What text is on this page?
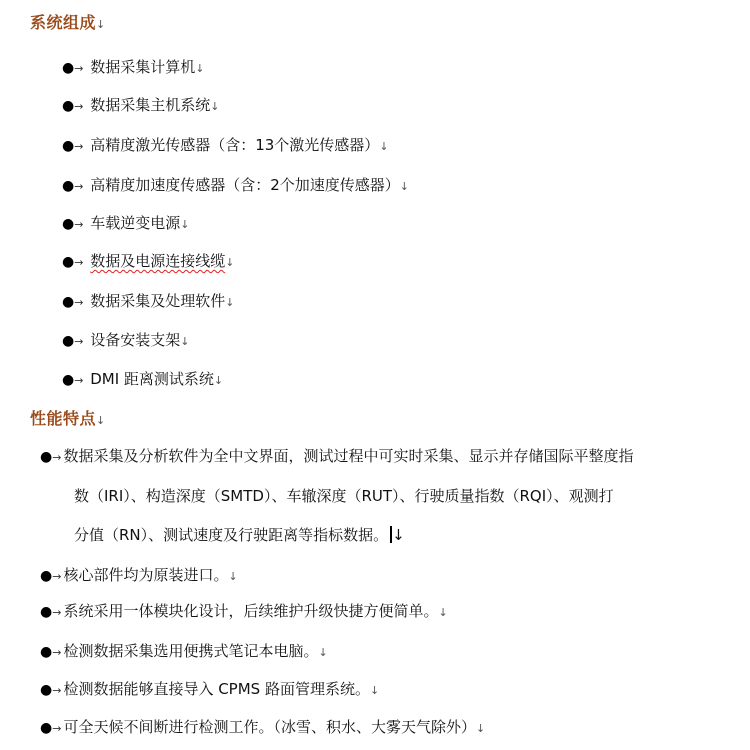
系统组成↓
●→ 数据采集计算机↓
●→ 数据采集主机系统↓
●→ 高精度激光传感器（含：13个激光传感器）↓
●→ 高精度加速度传感器（含：2个加速度传感器）↓
●→ 车载逆变电源↓
●→ 数据及电源连接线缆↓
●→ 数据采集及处理软件↓
●→ 设备安装支架↓
●→ DMI 距离测试系统↓
性能特点↓
●→ 数据采集及分析软件为全中文界面，测试过程中可实时采集、显示并存储国际平整度指
数（IRI）、构造深度（SMTD）、车辙深度（RUT）、行驶质量指数（RQI）、观测打
分值（RN）、测试速度及行驶距离等指标数据。 ↓
●→ 核心部件均为原装进口。↓
●→ 系统采用一体模块化设计，后续维护升级快捷方便简单。↓
●→ 检测数据采集选用便携式笔记本电脑。↓
●→ 检测数据能够直接导入 CPMS 路面管理系统。↓
●→ 可全天候不间断进行检测工作。（冰雪、积水、大雾天气除外）↓
